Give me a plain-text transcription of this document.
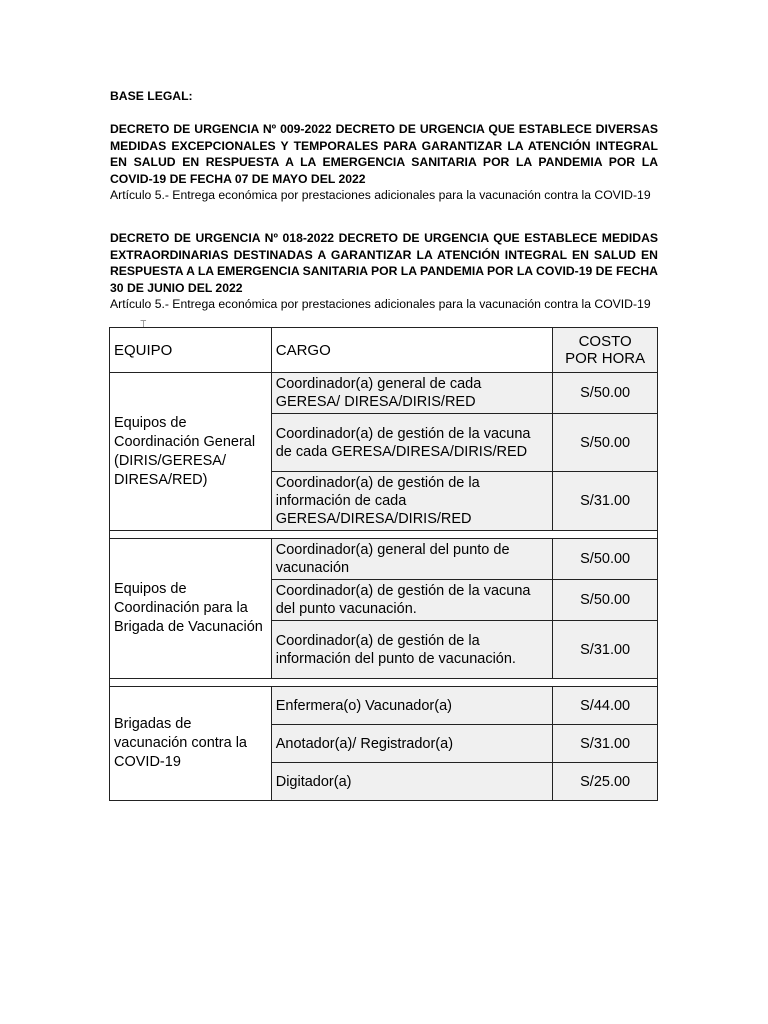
BASE LEGAL:

DECRETO DE URGENCIA Nº 009-2022 DECRETO DE URGENCIA QUE ESTABLECE DIVERSAS MEDIDAS EXCEPCIONALES Y TEMPORALES PARA GARANTIZAR LA ATENCIÓN INTEGRAL EN SALUD EN RESPUESTA A LA EMERGENCIA SANITARIA POR LA PANDEMIA POR LA COVID-19 DE FECHA 07 DE MAYO DEL 2022

Artículo 5.- Entrega económica por prestaciones adicionales para la vacunación contra la COVID-19

DECRETO DE URGENCIA Nº 018-2022 DECRETO DE URGENCIA QUE ESTABLECE MEDIDAS EXTRAORDINARIAS DESTINADAS A GARANTIZAR LA ATENCIÓN INTEGRAL EN SALUD EN RESPUESTA A LA EMERGENCIA SANITARIA POR LA PANDEMIA POR LA COVID-19 DE FECHA 30 DE JUNIO DEL 2022

Artículo 5.- Entrega económica por prestaciones adicionales para la vacunación contra la COVID-19

⌶
EQUIPO	CARGO	COSTO
POR HORA
Equipos de Coordinación General (DIRIS/GERESA/ DIRESA/RED)	Coordinador(a) general de cada GERESA/ DIRESA/DIRIS/RED	S/50.00
	Coordinador(a) de gestión de la vacuna de cada GERESA/DIRESA/DIRIS/RED	S/50.00
	Coordinador(a) de gestión de la información de cada GERESA/DIRESA/DIRIS/RED	S/31.00

Equipos de Coordinación para la Brigada de Vacunación	Coordinador(a) general del punto de vacunación	S/50.00
	Coordinador(a) de gestión de la vacuna del punto vacunación.	S/50.00
	Coordinador(a) de gestión de la información del punto de vacunación.	S/31.00

Brigadas de vacunación contra la COVID-19	Enfermera(o) Vacunador(a)	S/44.00
	Anotador(a)/ Registrador(a)	S/31.00
	Digitador(a)	S/25.00
